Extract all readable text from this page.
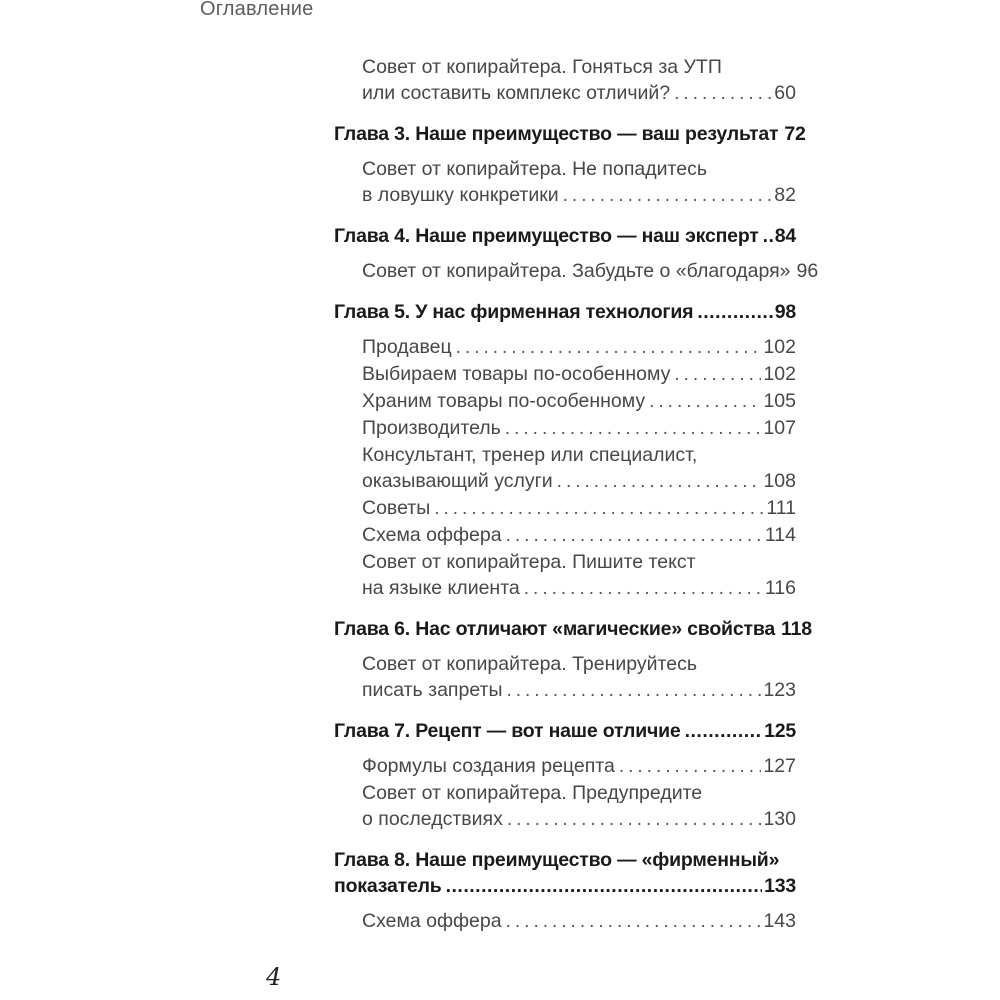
Оглавление
Совет от копирайтера. Гоняться за УТП
или составить комплекс отличий? .....	60
Глава 3. Наше преимущество — ваш результат 72
Совет от копирайтера. Не попадитесь
в ловушку конкретики .....	82
Глава 4. Наше преимущество — наш эксперт ..... 84
Совет от копирайтера. Забудьте о «благодаря» 96
Глава 5. У нас фирменная технология .....	98
Продавец .....	102
Выбираем товары по-особенному .....	102
Храним товары по-особенному .....	105
Производитель .....	107
Консультант, тренер или специалист,
оказывающий услуги .....	108
Советы .....	111
Схема оффера .....	114
Совет от копирайтера. Пишите текст
на языке клиента .....	116
Глава 6. Нас отличают «магические» свойства 118
Совет от копирайтера. Тренируйтесь
писать запреты .....	123
Глава 7. Рецепт — вот наше отличие .....	125
Формулы создания рецепта .....	127
Совет от копирайтера. Предупредите
о последствиях .....	130
Глава 8. Наше преимущество — «фирменный»
показатель .....	133
Схема оффера .....	143
4
